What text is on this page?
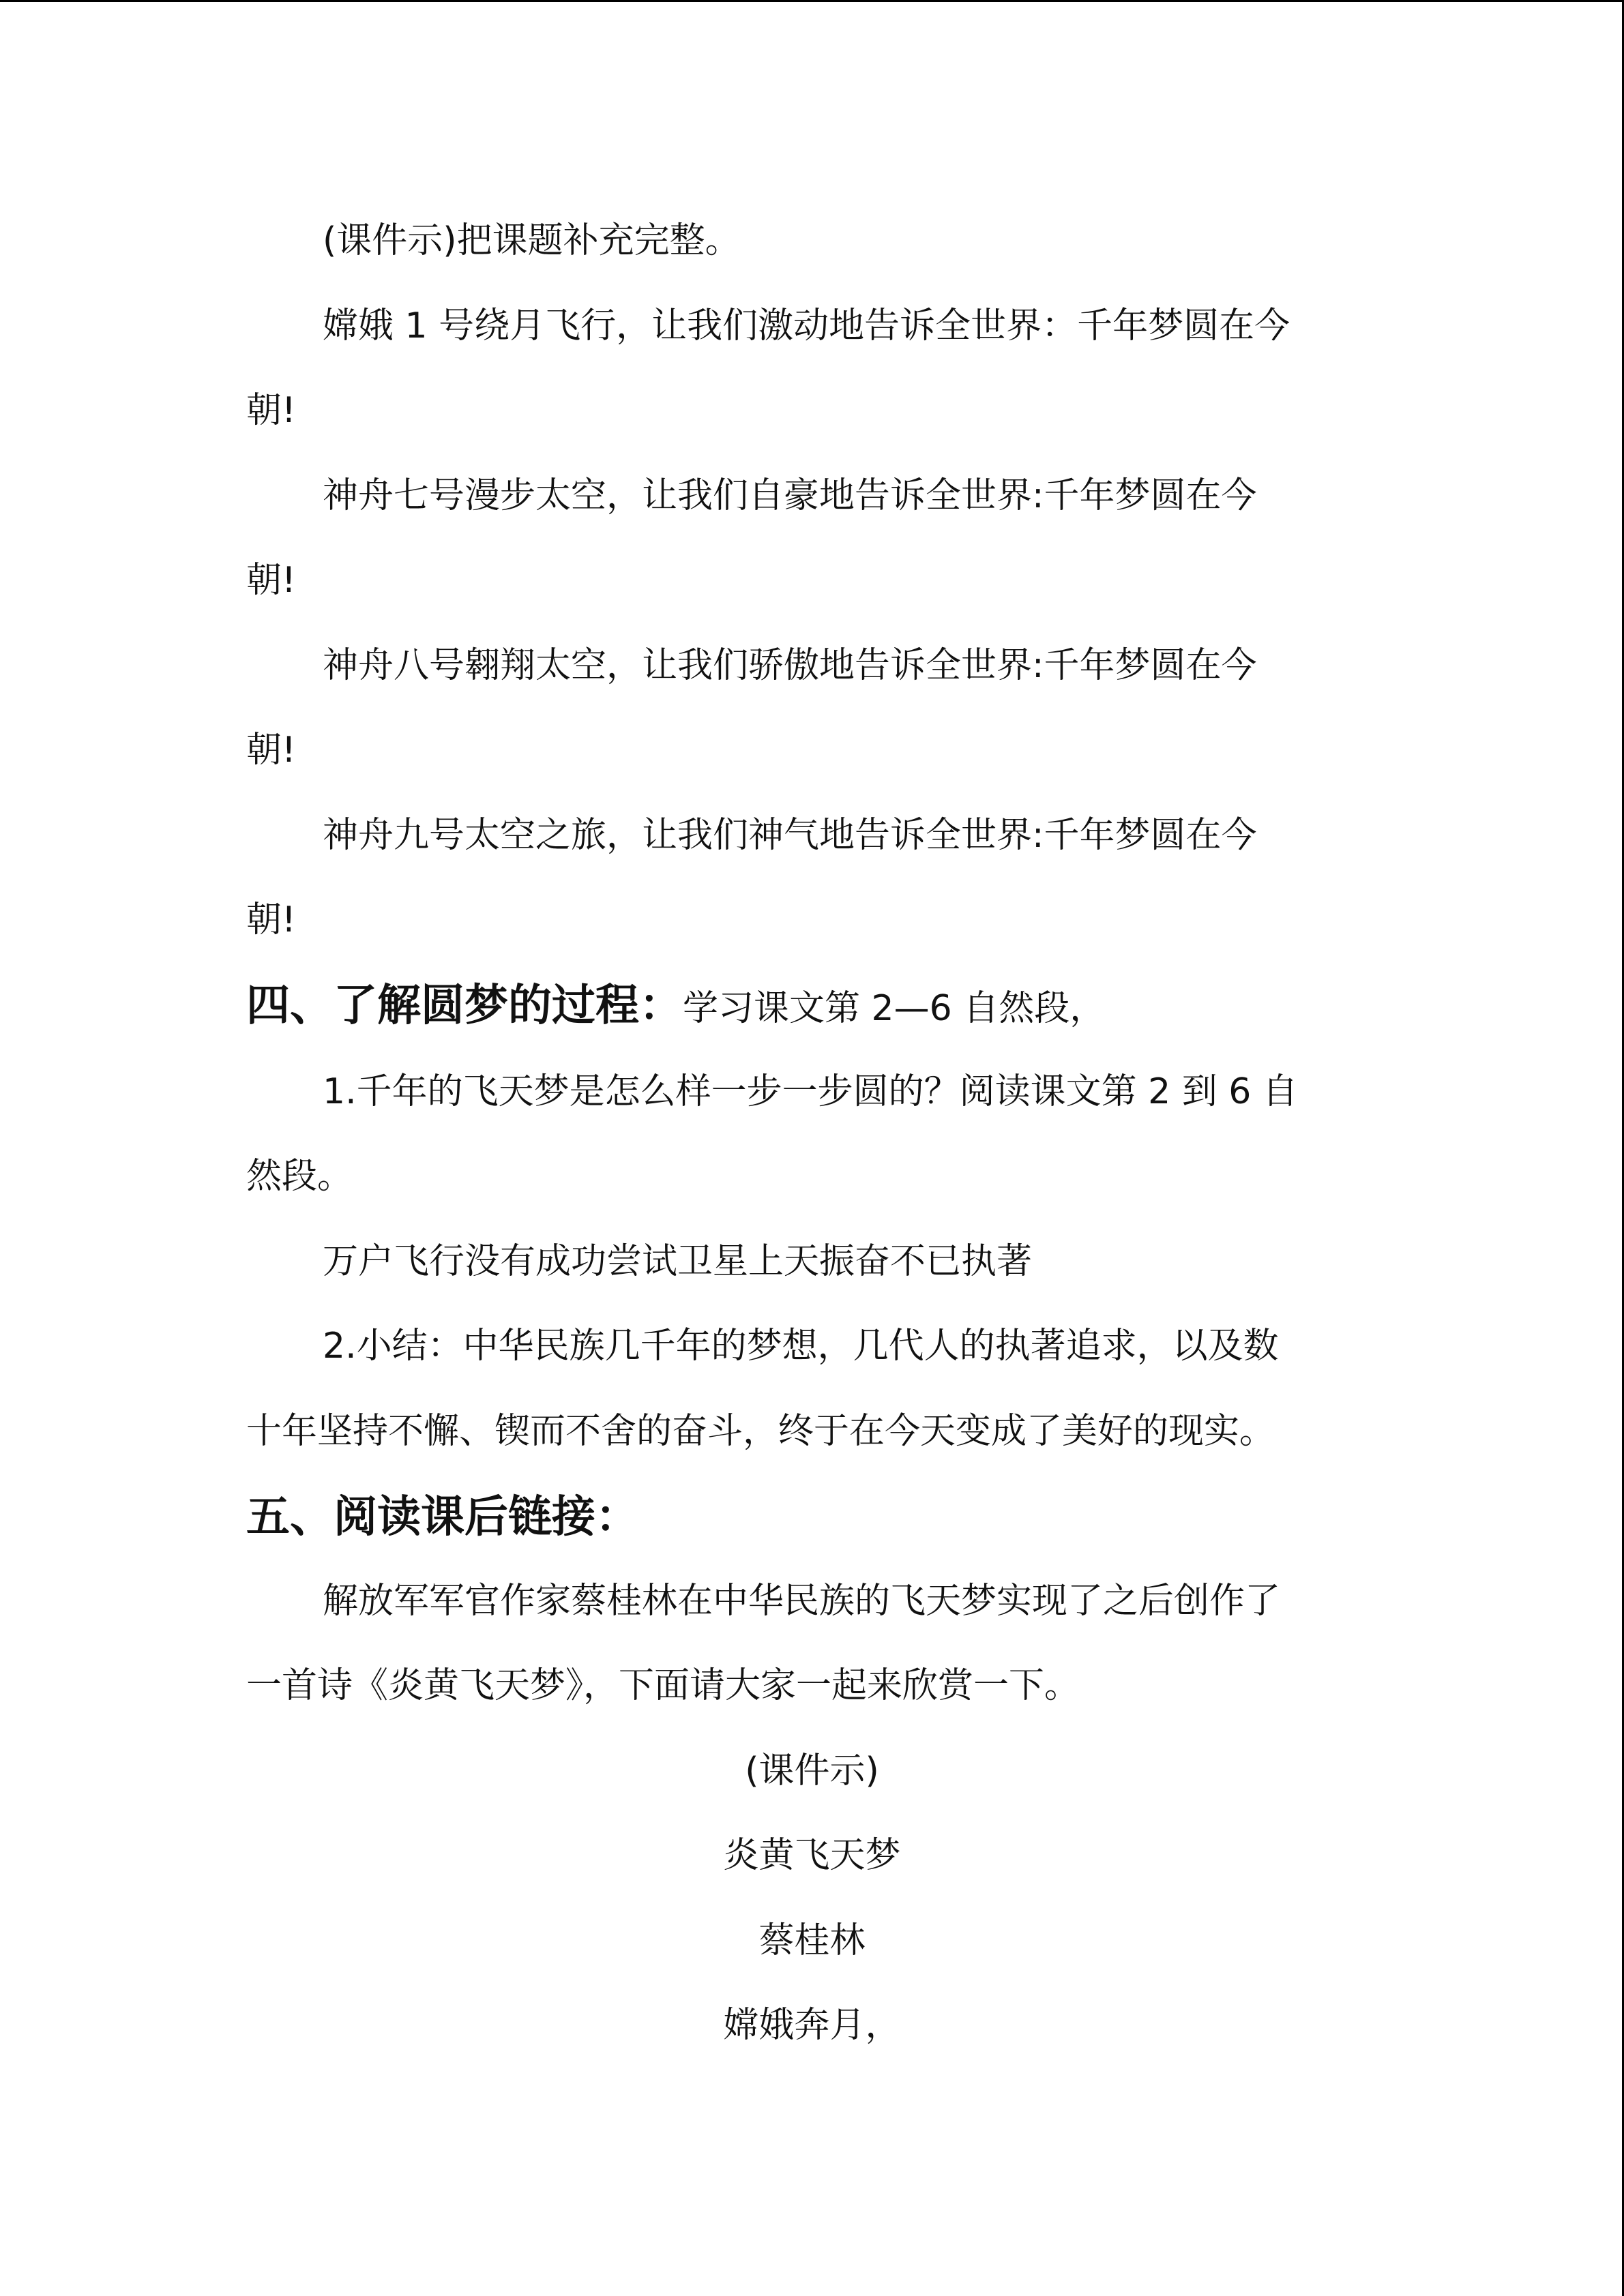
(课件示)把课题补充完整。
嫦娥 1 号绕月飞行，让我们激动地告诉全世界：千年梦圆在今
朝!
神舟七号漫步太空，让我们自豪地告诉全世界:千年梦圆在今
朝!
神舟八号翱翔太空，让我们骄傲地告诉全世界:千年梦圆在今
朝!
神舟九号太空之旅，让我们神气地告诉全世界:千年梦圆在今
朝!
四、了解圆梦的过程：学习课文第 2—6 自然段，
1.千年的飞天梦是怎么样一步一步圆的？阅读课文第 2 到 6 自
然段。
万户飞行没有成功尝试卫星上天振奋不已执著
2.小结：中华民族几千年的梦想，几代人的执著追求，以及数
十年坚持不懈、锲而不舍的奋斗，终于在今天变成了美好的现实。
五、阅读课后链接：
解放军军官作家蔡桂林在中华民族的飞天梦实现了之后创作了
一首诗《炎黄飞天梦》，下面请大家一起来欣赏一下。
(课件示)
炎黄飞天梦
蔡桂林
嫦娥奔月，
